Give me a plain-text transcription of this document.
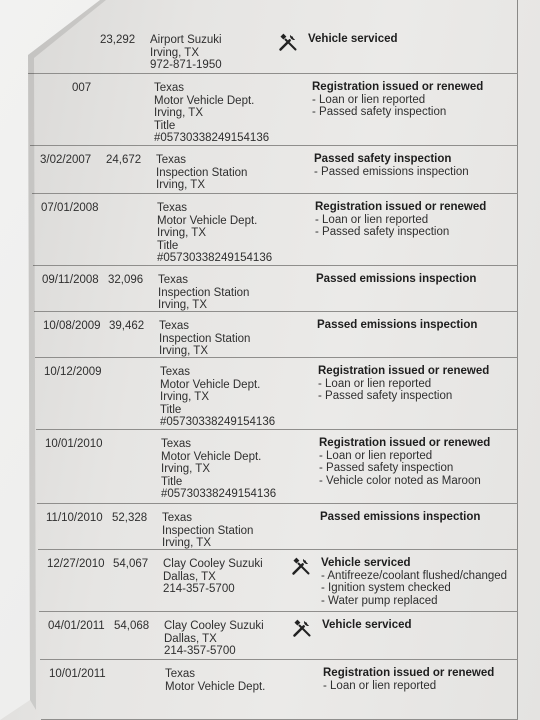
23,292 Airport Suzuki
Irving, TX
972-871-1950
Vehicle serviced
007	Texas
Motor Vehicle Dept.
Irving, TX
Title
#05730338249154136
Registration issued or renewed
- Loan or lien reported
- Passed safety inspection
3/02/2007 24,672 Texas
Inspection Station
Irving, TX
Passed safety inspection
- Passed emissions inspection
07/01/2008	Texas
Motor Vehicle Dept.
Irving, TX
Title
#05730338249154136
Registration issued or renewed
- Loan or lien reported
- Passed safety inspection
09/11/2008 32,096 Texas
Inspection Station
Irving, TX
Passed emissions inspection
10/08/2009 39,462 Texas
Inspection Station
Irving, TX
Passed emissions inspection
10/12/2009	Texas
Motor Vehicle Dept.
Irving, TX
Title
#05730338249154136
Registration issued or renewed
- Loan or lien reported
- Passed safety inspection
10/01/2010	Texas
Motor Vehicle Dept.
Irving, TX
Title
#05730338249154136
Registration issued or renewed
- Loan or lien reported
- Passed safety inspection
- Vehicle color noted as Maroon
11/10/2010 52,328 Texas
Inspection Station
Irving, TX
Passed emissions inspection
12/27/2010 54,067 Clay Cooley Suzuki
Dallas, TX
214-357-5700
Vehicle serviced
- Antifreeze/coolant flushed/changed
- Ignition system checked
- Water pump replaced
04/01/2011 54,068 Clay Cooley Suzuki
Dallas, TX
214-357-5700
Vehicle serviced
10/01/2011	Texas
Motor Vehicle Dept.
Registration issued or renewed
- Loan or lien reported
